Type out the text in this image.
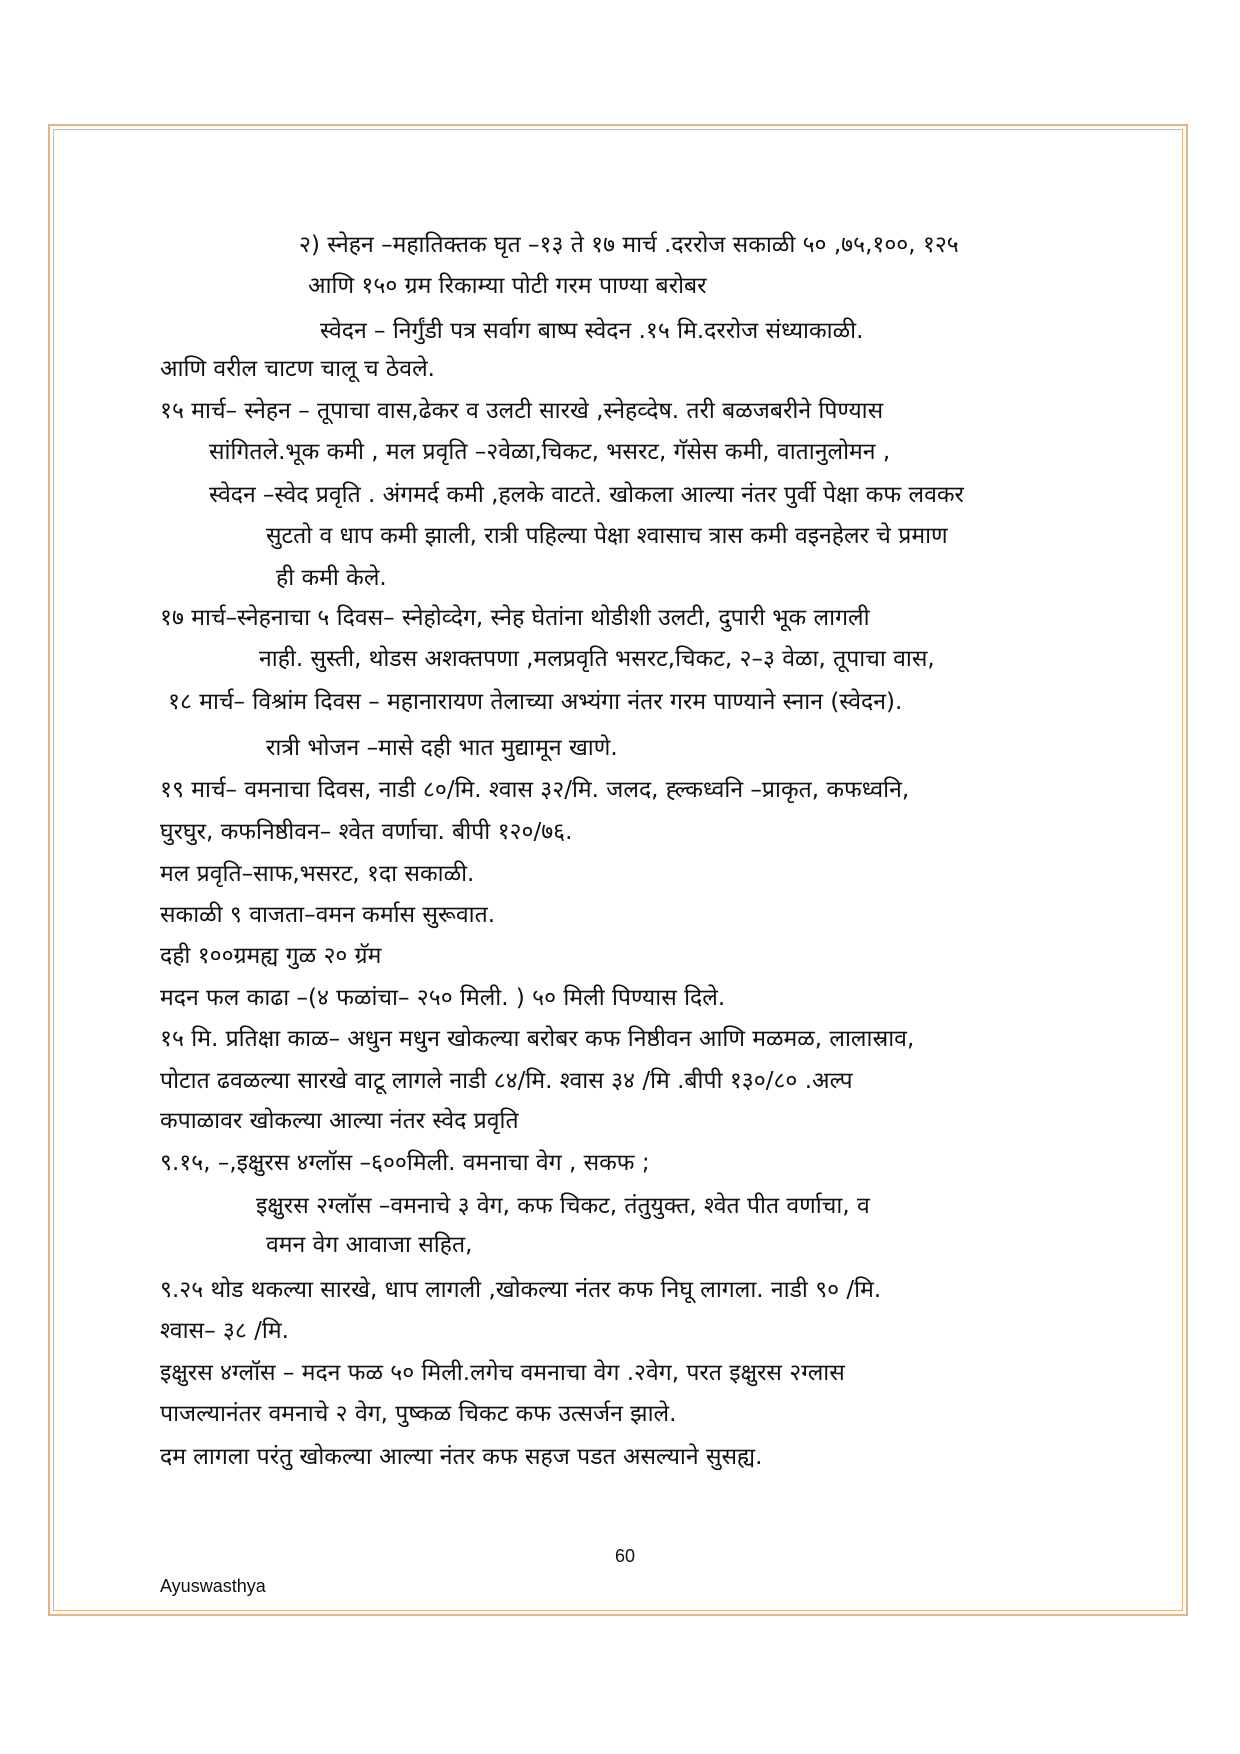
२) स्नेहन –महातिक्तक घृत –१३ ते १७ मार्च .दररोज सकाळी ५० ,७५,१००, १२५
आणि १५० ग्रम रिकाम्या पोटी गरम पाण्या बरोबर
स्वेदन – निर्गुंडी पत्र सर्वाग बाष्प स्वेदन .१५ मि.दररोज संध्याकाळी.
आणि वरील चाटण चालू च ठेवले.
१५ मार्च– स्नेहन – तूपाचा वास,ढेकर व उलटी सारखे ,स्नेहव्देष. तरी बळजबरीने पिण्यास
सांगितले.भूक कमी , मल प्रवृति –२वेळा,चिकट, भसरट, गॅसेस कमी, वातानुलोमन ,
स्वेदन –स्वेद प्रवृति . अंगमर्द कमी ,हलके वाटते. खोकला आल्या नंतर पुर्वी पेक्षा कफ लवकर
सुटतो व धाप कमी झाली, रात्री पहिल्या पेक्षा श्वासाच त्रास कमी वइनहेलर चे प्रमाण
ही कमी केले.
१७ मार्च–स्नेहनाचा ५ दिवस– स्नेहोव्देग, स्नेह घेतांना थोडीशी उलटी, दुपारी भूक लागली
नाही. सुस्ती, थोडस अशक्तपणा ,मलप्रवृति भसरट,चिकट, २–३ वेळा, तूपाचा वास,
१८ मार्च– विश्रांम दिवस – महानारायण तेलाच्या अभ्यंगा नंतर गरम पाण्याने स्नान (स्वेदन).
रात्री भोजन –मासे दही भात मुद्यामून खाणे.
१९ मार्च– वमनाचा दिवस, नाडी ८०/मि. श्वास ३२/मि. जलद, ह्ल्कध्वनि –प्राकृत, कफध्वनि,
घुरघुर, कफनिष्ठीवन– श्वेत वर्णाचा. बीपी १२०/७६.
मल प्रवृति–साफ,भसरट, १दा सकाळी.
सकाळी ९ वाजता–वमन कर्मास सुरूवात.
दही १००ग्रमह्य गुळ २० ग्रॅम
मदन फल काढा –(४ फळांचा– २५० मिली. ) ५० मिली पिण्यास दिले.
१५ मि. प्रतिक्षा काळ– अधुन मधुन खोकल्या बरोबर कफ निष्ठीवन आणि मळमळ, लालास्राव,
पोटात ढवळल्या सारखे वाटू लागले नाडी ८४/मि. श्वास ३४ /मि .बीपी १३०/८० .अल्प
कपाळावर खोकल्या आल्या नंतर स्वेद प्रवृति
९.१५, –,इक्षुरस ४ग्लॉस –६००मिली. वमनाचा वेग , सकफ ;
इक्षुरस २ग्लॉस –वमनाचे ३ वेग, कफ चिकट, तंतुयुक्त, श्वेत पीत वर्णाचा, व
वमन वेग आवाजा सहित,
९.२५ थोड थकल्या सारखे, धाप लागली ,खोकल्या नंतर कफ निघू लागला. नाडी ९० /मि.
श्वास– ३८ /मि.
इक्षुरस ४ग्लॉस – मदन फळ ५० मिली.लगेच वमनाचा वेग .२वेग, परत इक्षुरस २ग्लास
पाजल्यानंतर वमनाचे २ वेग, पुष्कळ चिकट कफ उत्सर्जन झाले.
दम लागला परंतु खोकल्या आल्या नंतर कफ सहज पडत असल्याने सुसह्य.
60
Ayuswasthya
